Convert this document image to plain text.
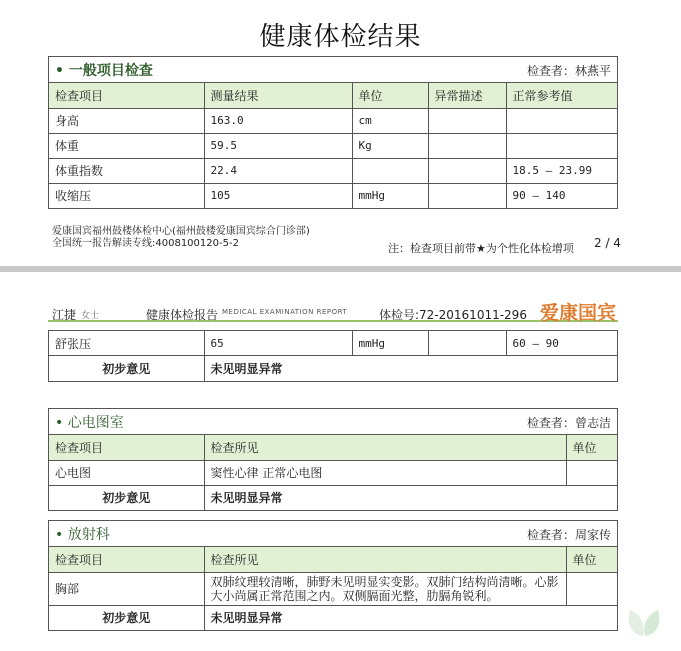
健康体检结果
• 一般项目检查	检查者：林燕平
检查项目	测量结果	单位	异常描述	正常参考值
身高	163.0	cm		
体重	59.5	Kg		
体重指数	22.4			18.5 — 23.99
收缩压	105	mmHg		90 — 140
爱康国宾福州鼓楼体检中心(福州鼓楼爱康国宾综合门诊部)
全国统一报告解读专线:4008100120-5-2	注：检查项目前带★为个性化体检增项 2 / 4
江捷 女士	健康体检报告 MEDICAL EXAMINATION REPORT	体检号:72-20161011-296 爱康国宾
舒张压	65	mmHg		60 — 90
初步意见	未见明显异常			
• 心电图室	检查者：曾志洁
检查项目	检查所见	单位
心电图	窦性心律 正常心电图	
初步意见	未见明显异常	
• 放射科	检查者：周家传
检查项目	检查所见	单位
胸部	双肺纹理较清晰，肺野未见明显实变影。双肺门结构尚清晰。心影大小尚属正常范围之内。双侧膈面光整，肋膈角锐利。	
初步意见	未见明显异常	
